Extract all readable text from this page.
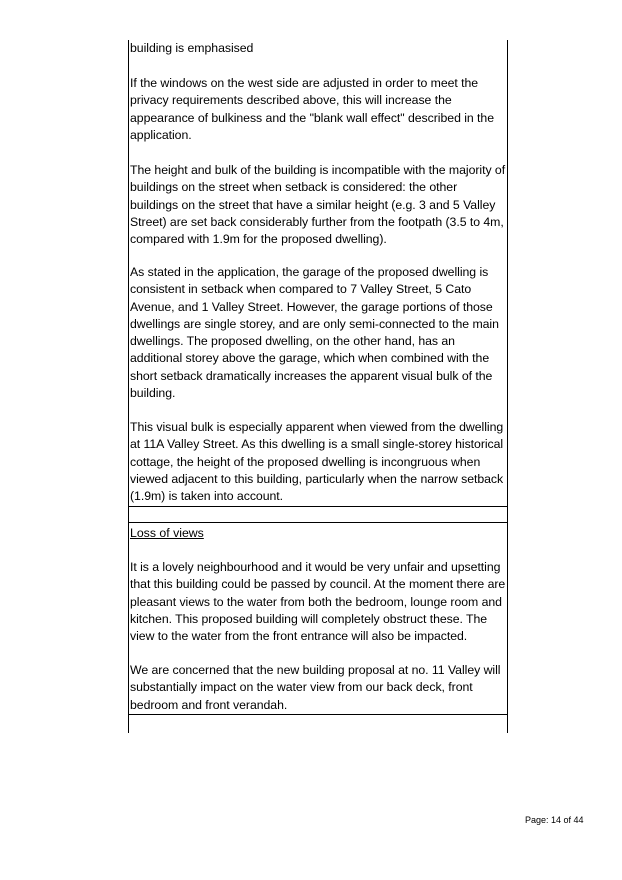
building is emphasised

If the windows on the west side are adjusted in order to meet the
privacy requirements described above, this will increase the
appearance of bulkiness and the "blank wall effect" described in the
application.

The height and bulk of the building is incompatible with the majority of
buildings on the street when setback is considered: the other
buildings on the street that have a similar height (e.g. 3 and 5 Valley
Street) are set back considerably further from the footpath (3.5 to 4m,
compared with 1.9m for the proposed dwelling).

As stated in the application, the garage of the proposed dwelling is
consistent in setback when compared to 7 Valley Street, 5 Cato
Avenue, and 1 Valley Street. However, the garage portions of those
dwellings are single storey, and are only semi-connected to the main
dwellings. The proposed dwelling, on the other hand, has an
additional storey above the garage, which when combined with the
short setback dramatically increases the apparent visual bulk of the
building.

This visual bulk is especially apparent when viewed from the dwelling
at 11A Valley Street. As this dwelling is a small single-storey historical
cottage, the height of the proposed dwelling is incongruous when
viewed adjacent to this building, particularly when the narrow setback
(1.9m) is taken into account.

Loss of views

It is a lovely neighbourhood and it would be very unfair and upsetting
that this building could be passed by council. At the moment there are
pleasant views to the water from both the bedroom, lounge room and
kitchen. This proposed building will completely obstruct these. The
view to the water from the front entrance will also be impacted.

We are concerned that the new building proposal at no. 11 Valley will
substantially impact on the water view from our back deck, front
bedroom and front verandah.

Page: 14 of 44
